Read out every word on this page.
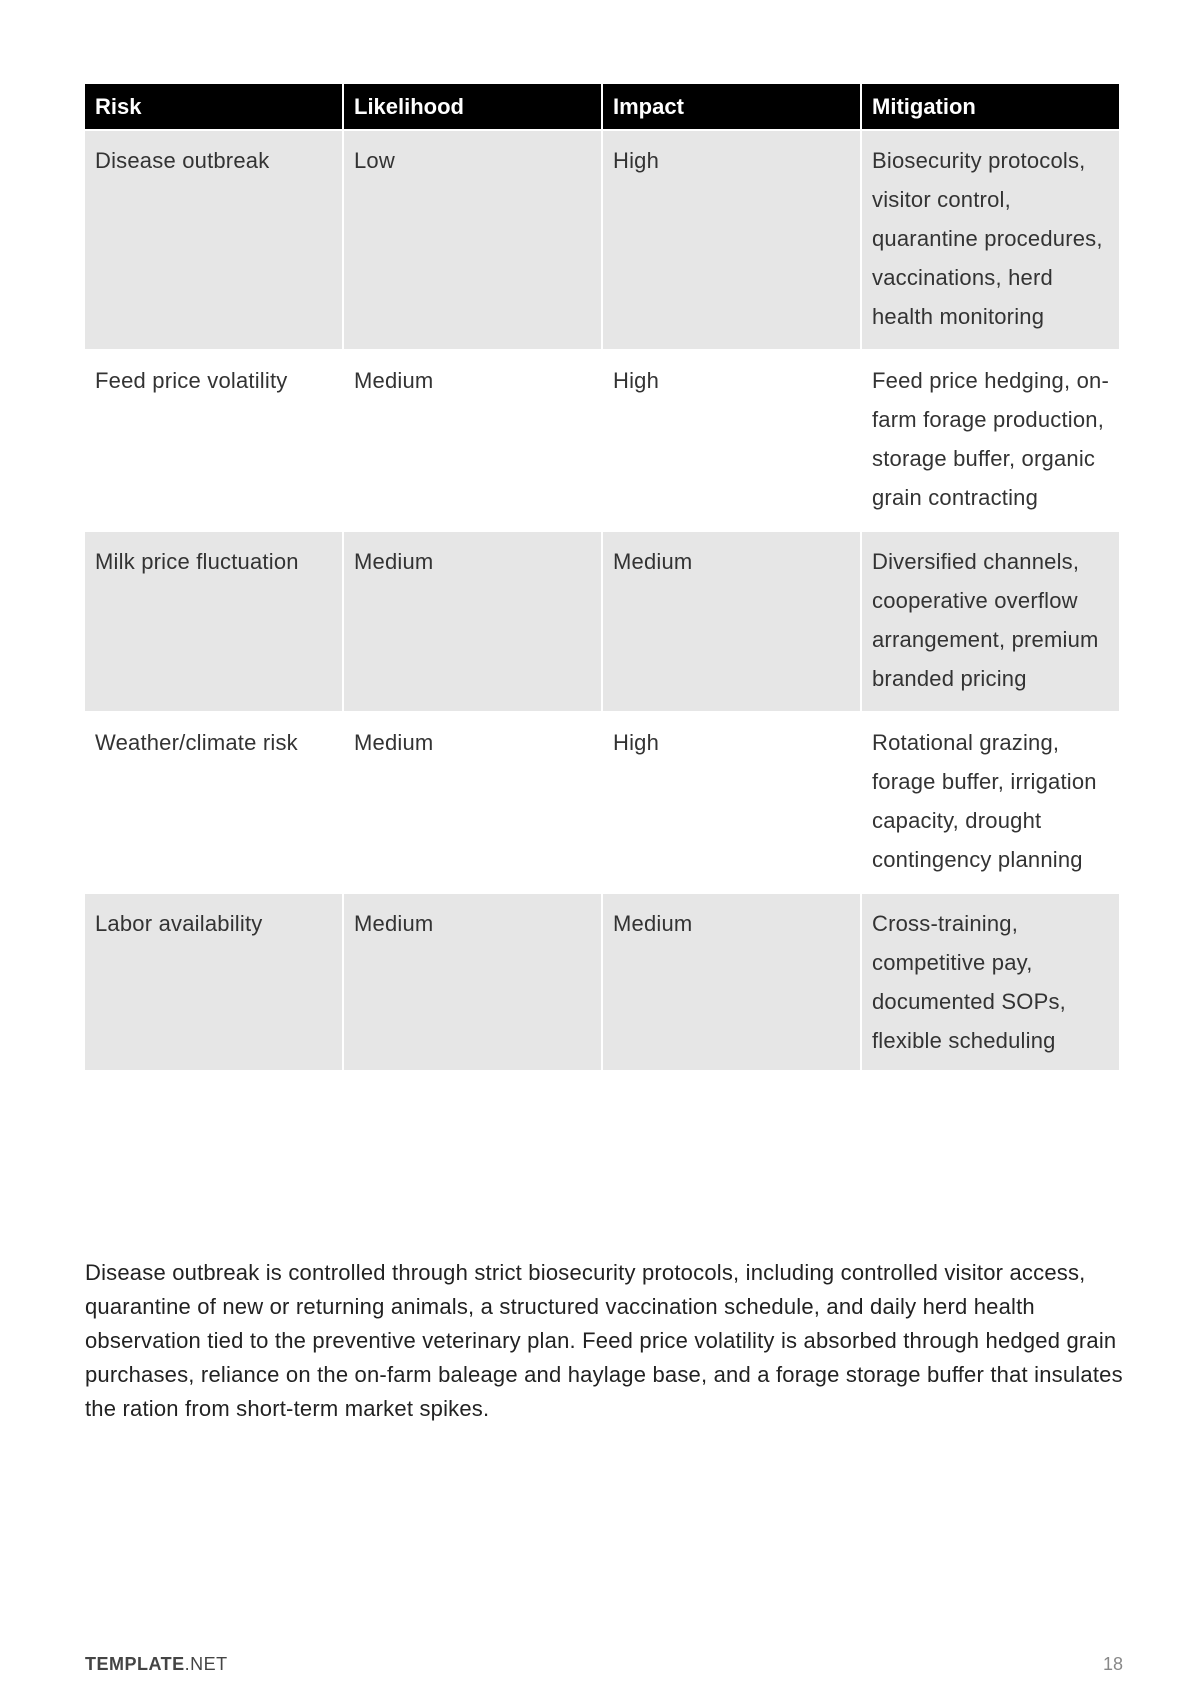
Risk	Likelihood	Impact	Mitigation
Disease outbreak	Low	High	Biosecurity protocols, visitor control, quarantine procedures, vaccinations, herd health monitoring
Feed price volatility	Medium	High	Feed price hedging, on-farm forage production, storage buffer, organic grain contracting
Milk price fluctuation	Medium	Medium	Diversified channels, cooperative overflow arrangement, premium branded pricing
Weather/climate risk	Medium	High	Rotational grazing, forage buffer, irrigation capacity, drought contingency planning
Labor availability	Medium	Medium	Cross-training, competitive pay, documented SOPs, flexible scheduling

Disease outbreak is controlled through strict biosecurity protocols, including controlled visitor access, quarantine of new or returning animals, a structured vaccination schedule, and daily herd health observation tied to the preventive veterinary plan. Feed price volatility is absorbed through hedged grain purchases, reliance on the on-farm baleage and haylage base, and a forage storage buffer that insulates the ration from short-term market spikes.

TEMPLATE.NET	18
